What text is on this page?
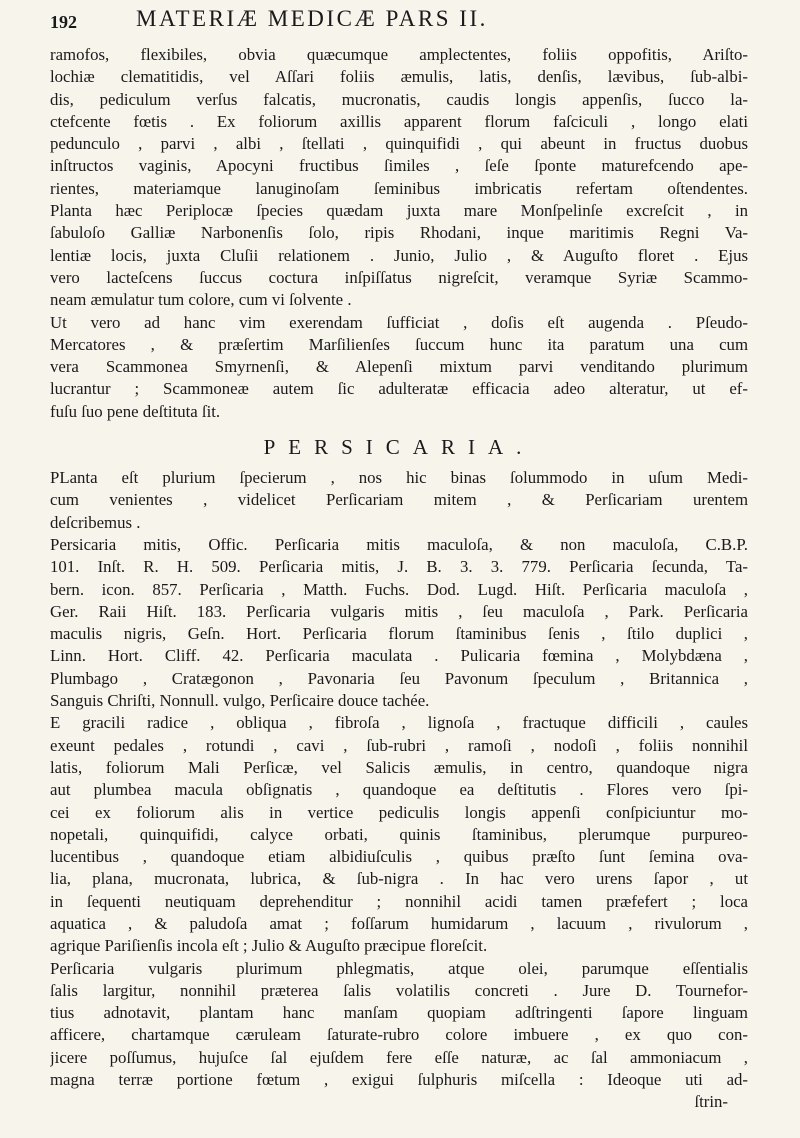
192	MATERIÆ MEDICÆ PARS II.
ramofos, flexibiles, obvia quæcumque amplectentes, foliis oppofitis, Ariſto-
lochiæ clematitidis, vel Aſſari foliis æmulis, latis, denſis, lævibus, ſub-albi-
dis, pediculum verſus falcatis, mucronatis, caudis longis appenſis, ſucco la-
ctefcente fœtis . Ex foliorum axillis apparent florum faſciculi , longo elati
pedunculo , parvi , albi , ſtellati , quinquifidi , qui abeunt in fructus duobus
inſtructos vaginis, Apocyni fructibus ſimiles , ſeſe ſponte maturefcendo ape-
rientes, materiamque lanuginoſam ſeminibus imbricatis refertam oſtendentes.
Planta hæc Periplocæ ſpecies quædam juxta mare Monſpelinſe excreſcit , in
ſabuloſo Galliæ Narbonenſis ſolo, ripis Rhodani, inque maritimis Regni Va-
lentiæ locis, juxta Cluſii relationem . Junio, Julio , & Auguſto floret . Ejus
vero lacteſcens ſuccus coctura inſpiſſatus nigreſcit, veramque Syriæ Scammo-
neam æmulatur tum colore, cum vi ſolvente .
Ut vero ad hanc vim exerendam ſufficiat , doſis eſt augenda . Pſeudo-
Mercatores , & præſertim Marſilienſes ſuccum hunc ita paratum una cum
vera Scammonea Smyrnenſi, & Alepenſi mixtum parvi venditando plurimum
lucrantur ; Scammoneæ autem ſic adulteratæ efficacia adeo alteratur, ut ef-
fuſu ſuo pene deſtituta ſit.
PERSICARIA.
PLanta eſt plurium ſpecierum , nos hic binas ſolummodo in uſum Medi-
cum venientes , videlicet Perſicariam mitem , & Perſicariam urentem
deſcribemus .
Persicaria mitis, Offic. Perſicaria mitis maculoſa, & non maculoſa, C.B.P.
101. Inſt. R. H. 509. Perſicaria mitis, J. B. 3. 3. 779. Perſicaria ſecunda, Ta-
bern. icon. 857. Perſicaria , Matth. Fuchs. Dod. Lugd. Hiſt. Perſicaria maculoſa ,
Ger. Raii Hiſt. 183. Perſicaria vulgaris mitis , ſeu maculoſa , Park. Perſicaria
maculis nigris, Geſn. Hort. Perſicaria florum ſtaminibus ſenis , ſtilo duplici ,
Linn. Hort. Cliff. 42. Perſicaria maculata . Pulicaria fœmina , Molybdæna ,
Plumbago , Cratægonon , Pavonaria ſeu Pavonum ſpeculum , Britannica ,
Sanguis Chriſti, Nonnull. vulgo, Perſicaire douce tachée.
E gracili radice , obliqua , fibroſa , lignoſa , fractuque difficili , caules
exeunt pedales , rotundi , cavi , ſub-rubri , ramoſi , nodoſi , foliis nonnihil
latis, foliorum Mali Perſicæ, vel Salicis æmulis, in centro, quandoque nigra
aut plumbea macula obſignatis , quandoque ea deſtitutis . Flores vero ſpi-
cei ex foliorum alis in vertice pediculis longis appenſi conſpiciuntur mo-
nopetali, quinquifidi, calyce orbati, quinis ſtaminibus, plerumque purpureo-
lucentibus , quandoque etiam albidiuſculis , quibus præſto ſunt ſemina ova-
lia, plana, mucronata, lubrica, & ſub-nigra . In hac vero urens ſapor , ut
in ſequenti neutiquam deprehenditur ; nonnihil acidi tamen præfefert ; loca
aquatica , & paludoſa amat ; foſſarum humidarum , lacuum , rivulorum ,
agrique Pariſienſis incola eſt ; Julio & Auguſto præcipue floreſcit.
Perſicaria vulgaris plurimum phlegmatis, atque olei, parumque eſſentialis
ſalis largitur, nonnihil præterea ſalis volatilis concreti . Jure D. Tournefor-
tius adnotavit, plantam hanc manſam quopiam adſtringenti ſapore linguam
afficere, chartamque cæruleam ſaturate-rubro colore imbuere , ex quo con-
jicere poſſumus, hujuſce ſal ejuſdem fere eſſe naturæ, ac ſal ammoniacum ,
magna terræ portione fœtum , exigui ſulphuris miſcella : Ideoque uti ad-
ſtrin-
